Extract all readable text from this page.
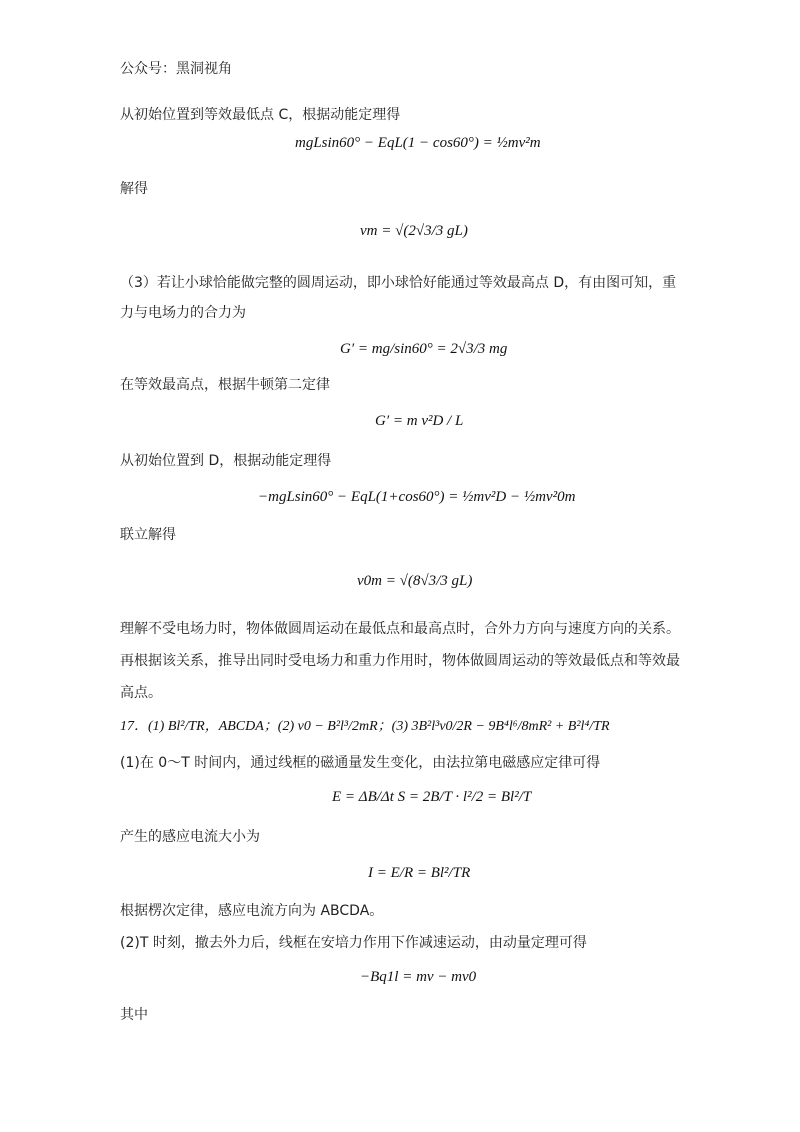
公众号：黑洞视角
从初始位置到等效最低点 C，根据动能定理得
mgLsin60° − EqL(1 − cos60°) = ½mv²m
解得
vm = √(2√3/3 gL)
（3）若让小球恰能做完整的圆周运动，即小球恰好能通过等效最高点 D，有由图可知，重
力与电场力的合力为
G′ = mg/sin60° = 2√3/3 mg
在等效最高点，根据牛顿第二定律
G′ = m v²D / L
从初始位置到 D，根据动能定理得
−mgLsin60° − EqL(1+cos60°) = ½mv²D − ½mv²0m
联立解得
v0m = √(8√3/3 gL)
理解不受电场力时，物体做圆周运动在最低点和最高点时，合外力方向与速度方向的关系。
再根据该关系，推导出同时受电场力和重力作用时，物体做圆周运动的等效最低点和等效最
高点。
17．(1) Bl²/TR，ABCDA；(2) v0 − B²l³/2mR；(3) 3B²l³v0/2R − 9B⁴l⁶/8mR² + B²l⁴/TR
(1)在 0～T 时间内，通过线框的磁通量发生变化，由法拉第电磁感应定律可得
E = ΔB/Δt S = 2B/T · l²/2 = Bl²/T
产生的感应电流大小为
I = E/R = Bl²/TR
根据楞次定律，感应电流方向为 ABCDA。
(2)T 时刻，撤去外力后，线框在安培力作用下作减速运动，由动量定理可得
−Bq1l = mv − mv0
其中
